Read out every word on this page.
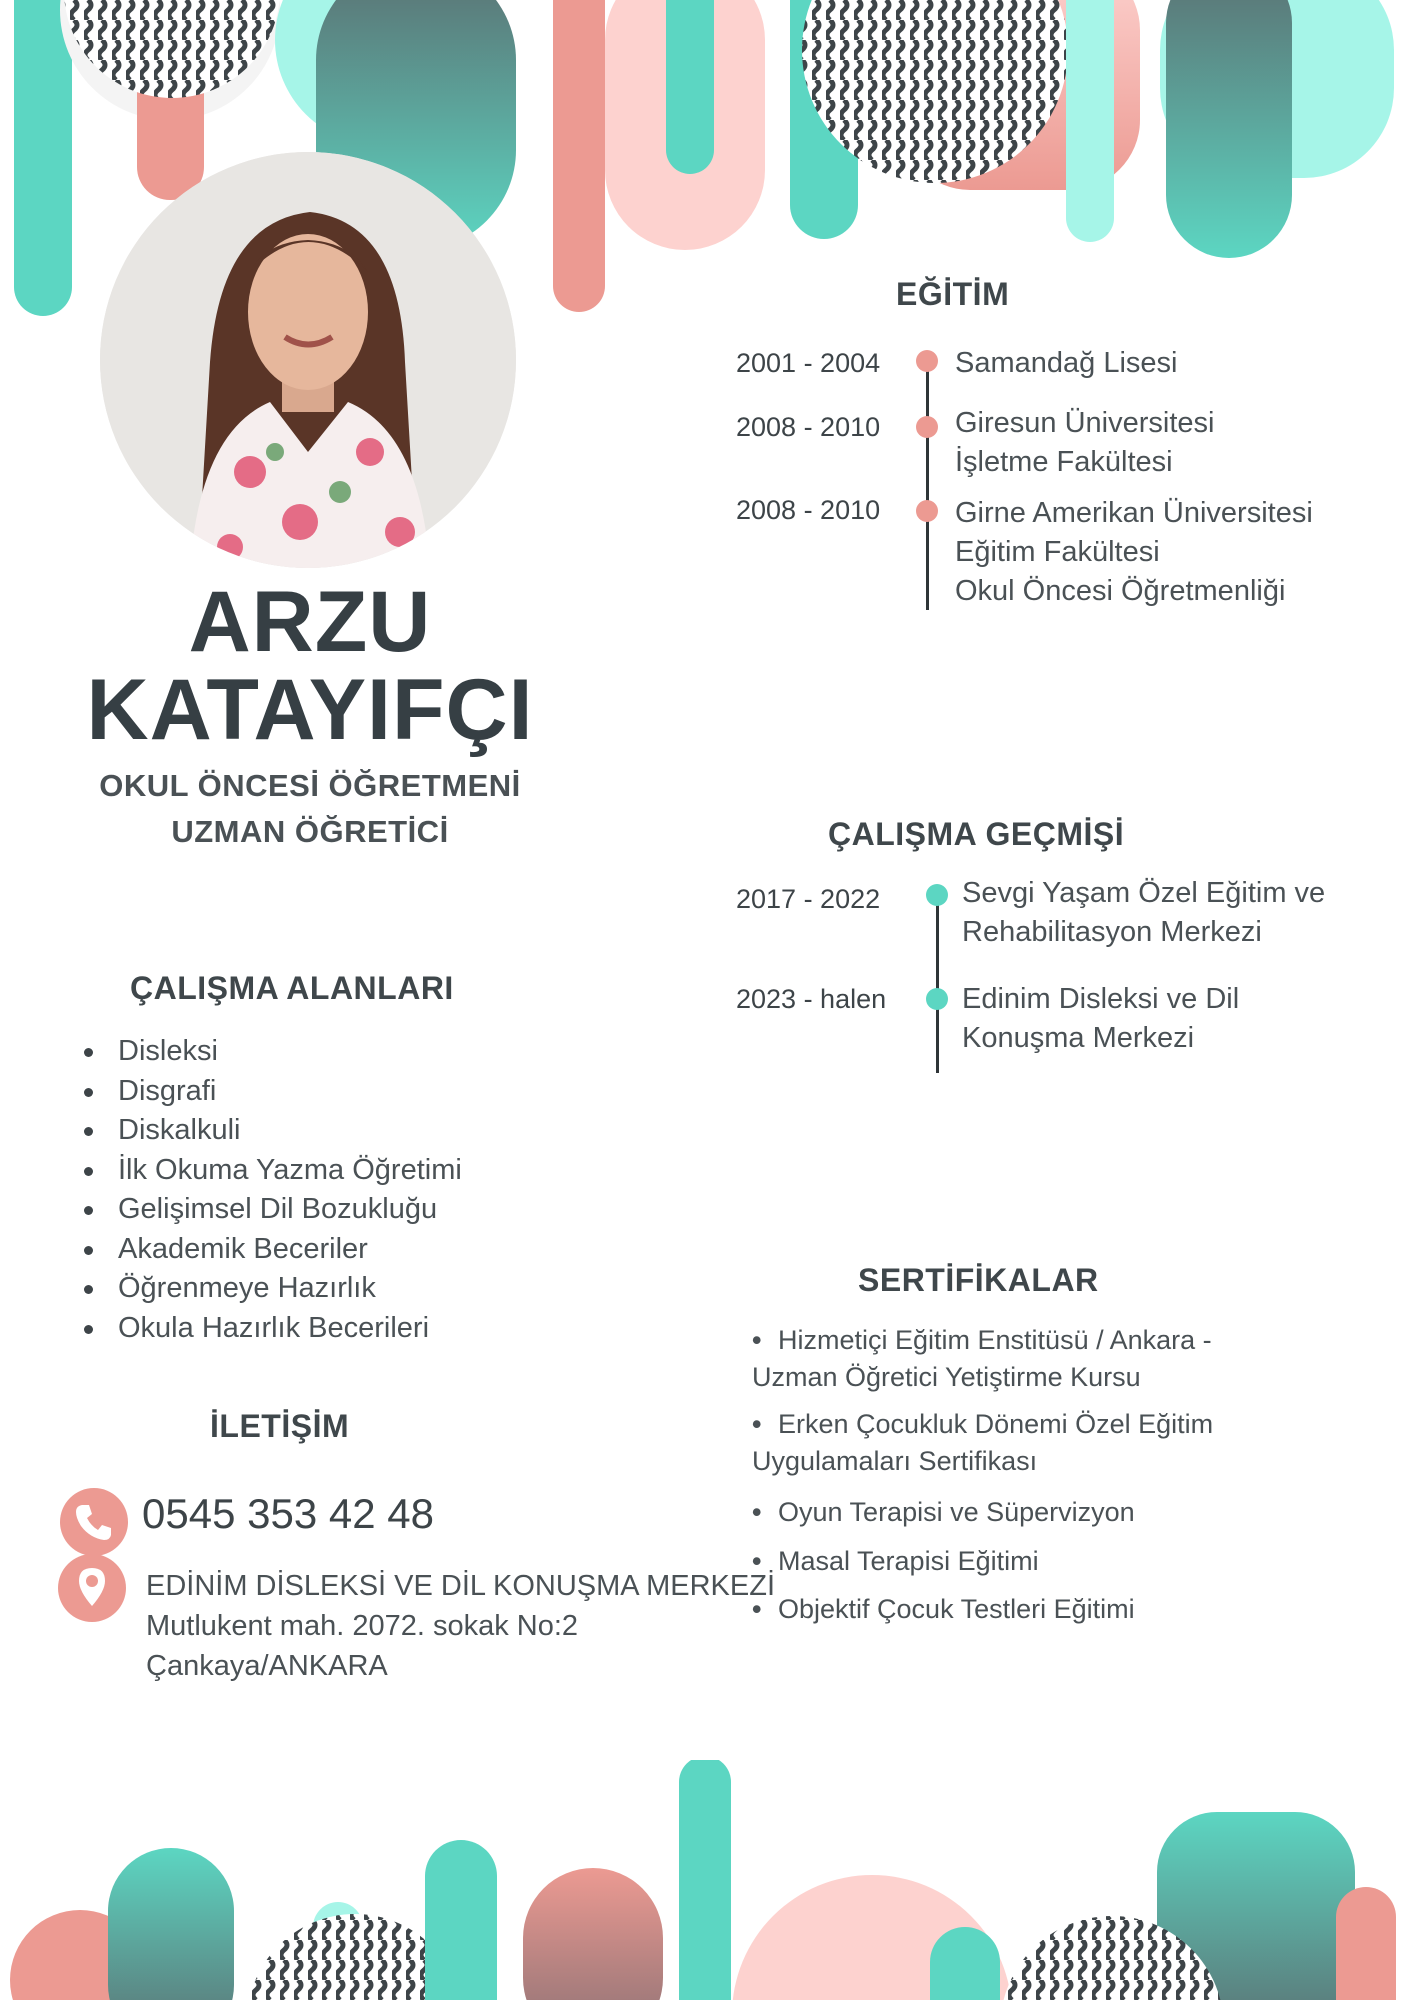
ARZU
KATAYIFÇI
OKUL ÖNCESİ ÖĞRETMENİ
UZMAN ÖĞRETİCİ
EĞİTİM
2001 - 2004	Samandağ Lisesi
2008 - 2010	Giresun Üniversitesi
İşletme Fakültesi
2008 - 2010	Girne Amerikan Üniversitesi
Eğitim Fakültesi
Okul Öncesi Öğretmenliği
ÇALIŞMA GEÇMİŞİ
2017 - 2022	Sevgi Yaşam Özel Eğitim ve
Rehabilitasyon Merkezi
2023 - halen	Edinim Disleksi ve Dil
Konuşma Merkezi
ÇALIŞMA ALANLARI
Disleksi
Disgrafi
Diskalkuli
İlk Okuma Yazma Öğretimi
Gelişimsel Dil Bozukluğu
Akademik Beceriler
Öğrenmeye Hazırlık
Okula Hazırlık Becerileri
SERTİFİKALAR
• Hizmetiçi Eğitim Enstitüsü / Ankara -
Uzman Öğretici Yetiştirme Kursu
• Erken Çocukluk Dönemi Özel Eğitim
Uygulamaları Sertifikası
• Oyun Terapisi ve Süpervizyon
• Masal Terapisi Eğitimi
• Objektif Çocuk Testleri Eğitimi
İLETİŞİM
0545 353 42 48
EDİNİM DİSLEKSİ VE DİL KONUŞMA MERKEZİ
Mutlukent mah. 2072. sokak No:2
Çankaya/ANKARA
